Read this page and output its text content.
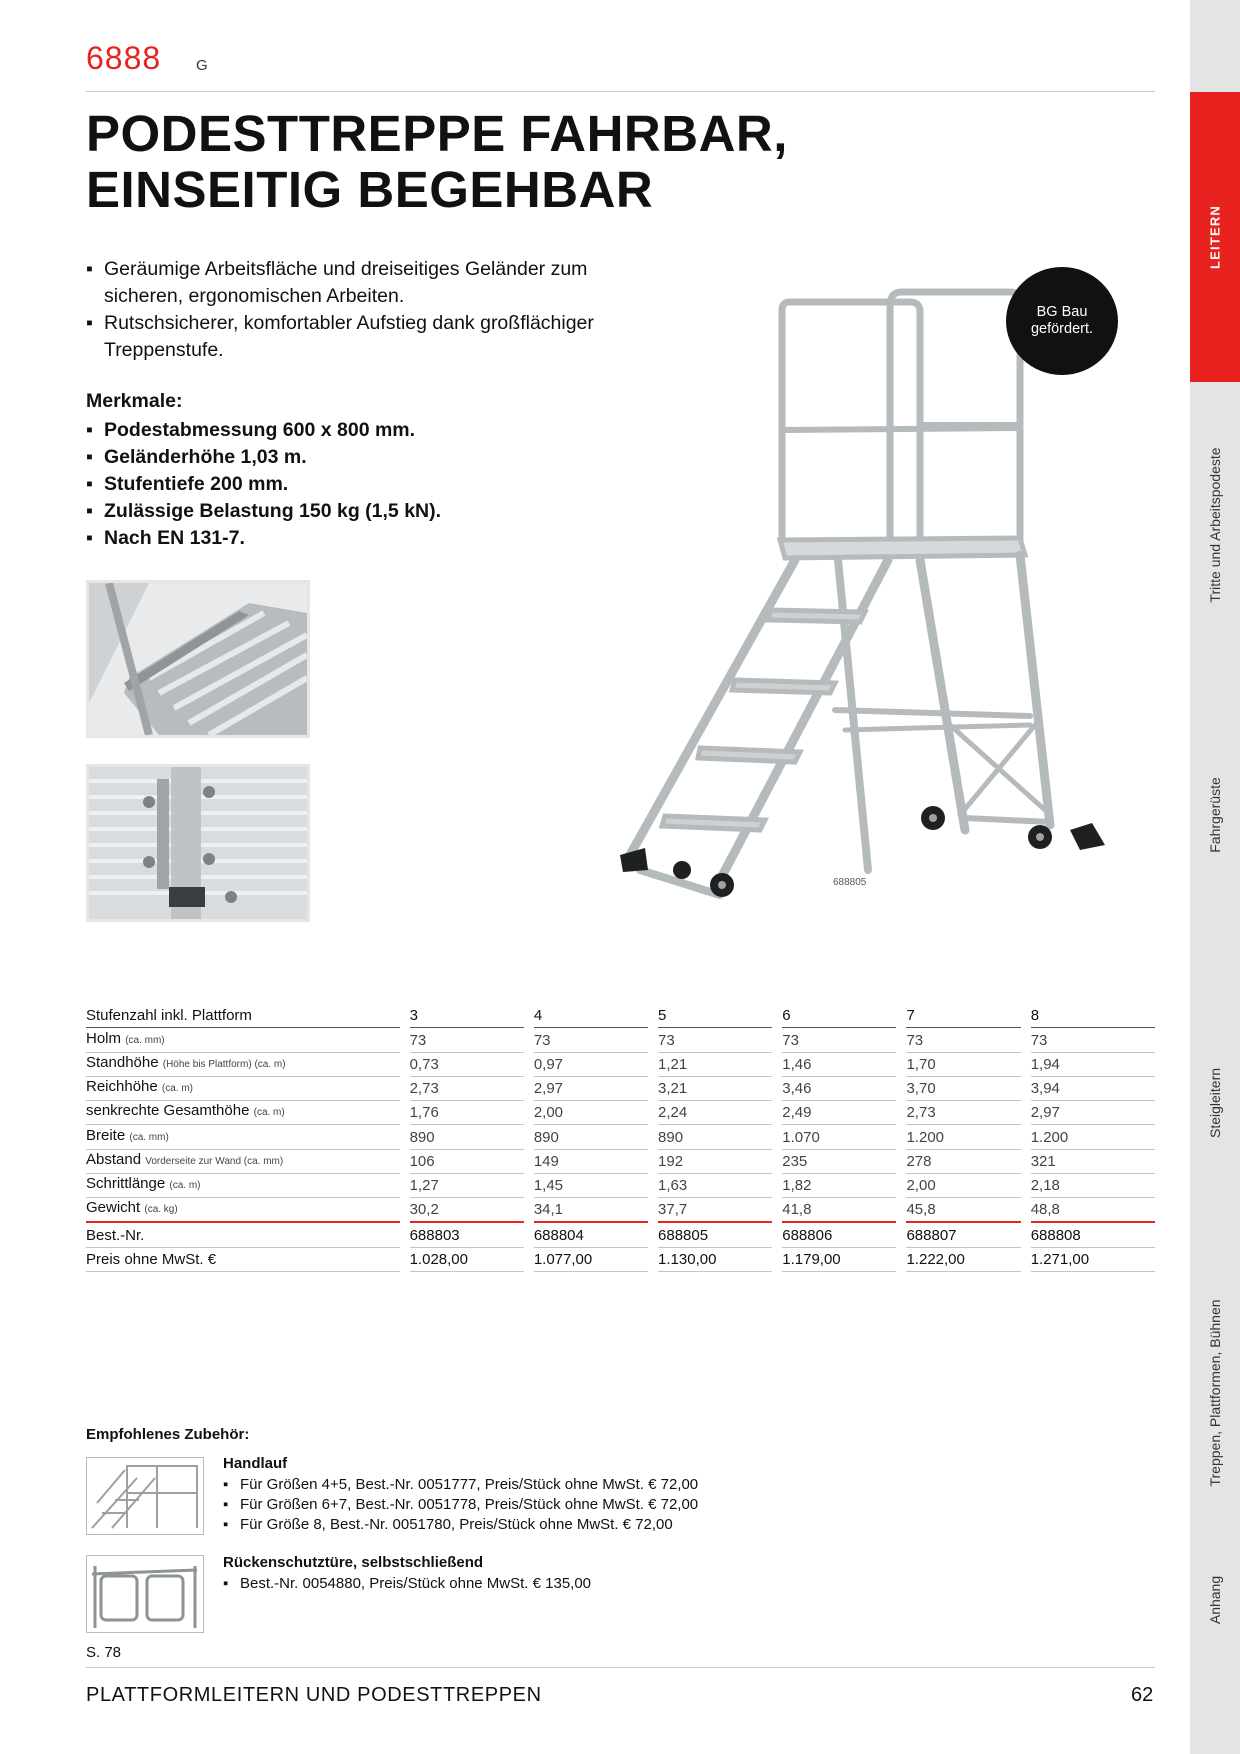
6888 G
PODESTTREPPE FAHRBAR,
EINSEITIG BEGEHBAR
▪ Geräumige Arbeitsfläche und dreiseitiges Geländer zum sicheren, ergonomischen Arbeiten.
▪ Rutschsicherer, komfortabler Aufstieg dank großflächiger Treppenstufe.
Merkmale:
▪ Podestabmessung 600 x 800 mm.
▪ Geländerhöhe 1,03 m.
▪ Stufentiefe 200 mm.
▪ Zulässige Belastung 150 kg (1,5 kN).
▪ Nach EN 131-7.
BG Bau gefördert.
688805
LEITERN
Tritte und Arbeitspodeste
Fahrgerüste
Steigleitern
Treppen, Plattformen, Bühnen
Anhang
Stufenzahl inkl. Plattform	3	4	5	6	7	8

Holm (ca. mm)	73	73	73	73	73	73

Standhöhe (Höhe bis Plattform) (ca. m)	0,73	0,97	1,21	1,46	1,70	1,94

Reichhöhe (ca. m)	2,73	2,97	3,21	3,46	3,70	3,94

senkrechte Gesamthöhe (ca. m)	1,76	2,00	2,24	2,49	2,73	2,97

Breite (ca. mm)	890	890	890	1.070	1.200	1.200

Abstand Vorderseite zur Wand (ca. mm)	106	149	192	235	278	321

Schrittlänge (ca. m)	1,27	1,45	1,63	1,82	2,00	2,18

Gewicht (ca. kg)	30,2	34,1	37,7	41,8	45,8	48,8

Best.-Nr.	688803	688804	688805	688806	688807	688808

Preis ohne MwSt. €	1.028,00	1.077,00	1.130,00	1.179,00	1.222,00	1.271,00
Empfohlenes Zubehör:
Handlauf
▪ Für Größen 4+5, Best.-Nr. 0051777, Preis/Stück ohne MwSt. € 72,00
▪ Für Größen 6+7, Best.-Nr. 0051778, Preis/Stück ohne MwSt. € 72,00
▪ Für Größe 8, Best.-Nr. 0051780, Preis/Stück ohne MwSt. € 72,00
Rückenschutztüre, selbstschließend
▪ Best.-Nr. 0054880, Preis/Stück ohne MwSt. € 135,00
S. 78
PLATTFORMLEITERN UND PODESTTREPPEN	62
